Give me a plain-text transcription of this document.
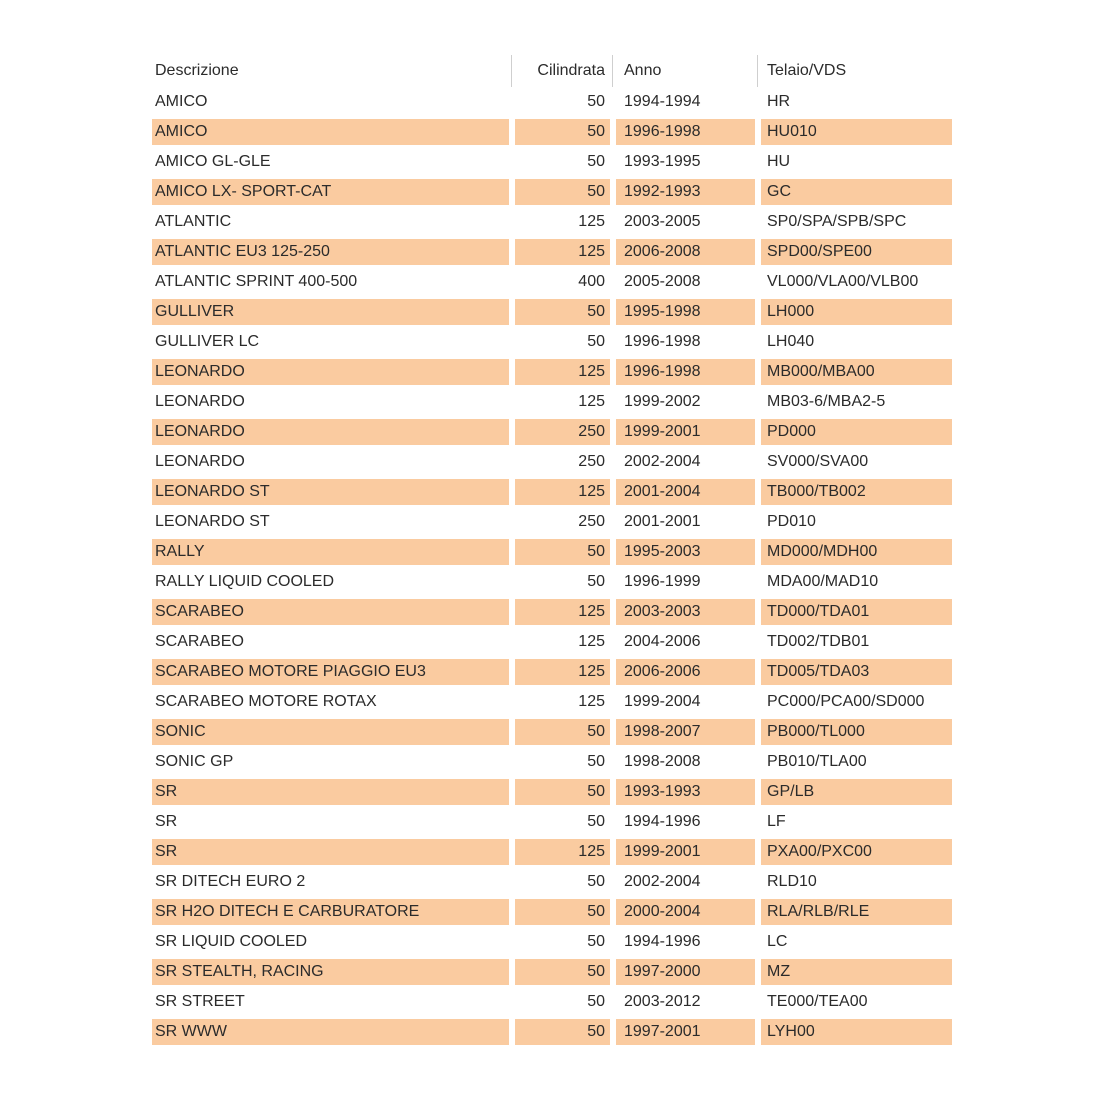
Descrizione	Cilindrata	Anno	Telaio/VDS
AMICO	50	1994-1994	HR
AMICO	50	1996-1998	HU010
AMICO GL-GLE	50	1993-1995	HU
AMICO LX- SPORT-CAT	50	1992-1993	GC
ATLANTIC	125	2003-2005	SP0/SPA/SPB/SPC
ATLANTIC EU3 125-250	125	2006-2008	SPD00/SPE00
ATLANTIC SPRINT 400-500	400	2005-2008	VL000/VLA00/VLB00
GULLIVER	50	1995-1998	LH000
GULLIVER LC	50	1996-1998	LH040
LEONARDO	125	1996-1998	MB000/MBA00
LEONARDO	125	1999-2002	MB03-6/MBA2-5
LEONARDO	250	1999-2001	PD000
LEONARDO	250	2002-2004	SV000/SVA00
LEONARDO ST	125	2001-2004	TB000/TB002
LEONARDO ST	250	2001-2001	PD010
RALLY	50	1995-2003	MD000/MDH00
RALLY LIQUID COOLED	50	1996-1999	MDA00/MAD10
SCARABEO	125	2003-2003	TD000/TDA01
SCARABEO	125	2004-2006	TD002/TDB01
SCARABEO MOTORE PIAGGIO EU3	125	2006-2006	TD005/TDA03
SCARABEO MOTORE ROTAX	125	1999-2004	PC000/PCA00/SD000
SONIC	50	1998-2007	PB000/TL000
SONIC GP	50	1998-2008	PB010/TLA00
SR	50	1993-1993	GP/LB
SR	50	1994-1996	LF
SR	125	1999-2001	PXA00/PXC00
SR DITECH EURO 2	50	2002-2004	RLD10
SR H2O DITECH E CARBURATORE	50	2000-2004	RLA/RLB/RLE
SR LIQUID COOLED	50	1994-1996	LC
SR STEALTH, RACING	50	1997-2000	MZ
SR STREET	50	2003-2012	TE000/TEA00
SR WWW	50	1997-2001	LYH00
